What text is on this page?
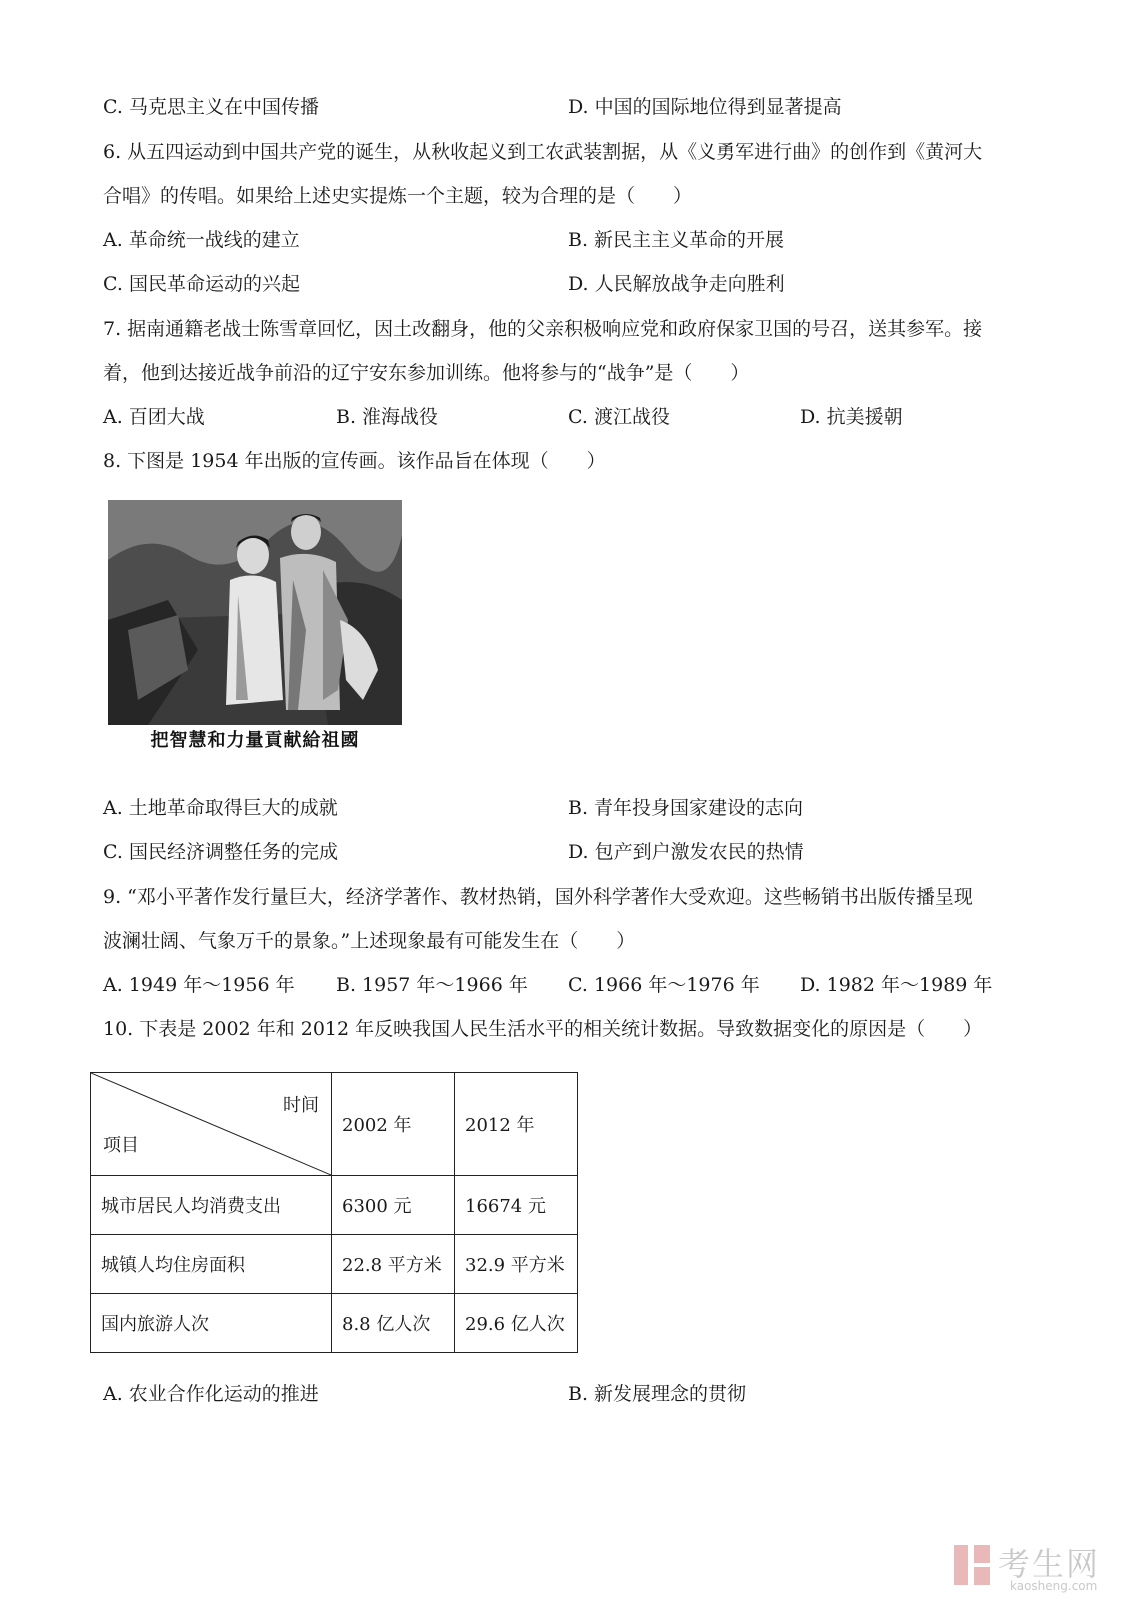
C. 马克思主义在中国传播	D. 中国的国际地位得到显著提高
6. 从五四运动到中国共产党的诞生，从秋收起义到工农武装割据，从《义勇军进行曲》的创作到《黄河大
合唱》的传唱。如果给上述史实提炼一个主题，较为合理的是（　　）
A. 革命统一战线的建立	B. 新民主主义革命的开展
C. 国民革命运动的兴起	D. 人民解放战争走向胜利
7. 据南通籍老战士陈雪章回忆，因土改翻身，他的父亲积极响应党和政府保家卫国的号召，送其参军。接
着，他到达接近战争前沿的辽宁安东参加训练。他将参与的“战争”是（　　）
A. 百团大战	B. 淮海战役	C. 渡江战役	D. 抗美援朝
8. 下图是 1954 年出版的宣传画。该作品旨在体现（　　）
把智慧和力量貢献給祖國
A. 土地革命取得巨大的成就	B. 青年投身国家建设的志向
C. 国民经济调整任务的完成	D. 包产到户激发农民的热情
9. “邓小平著作发行量巨大，经济学著作、教材热销，国外科学著作大受欢迎。这些畅销书出版传播呈现
波澜壮阔、气象万千的景象。”上述现象最有可能发生在（　　）
A. 1949 年～1956 年 B. 1957 年～1966 年 C. 1966 年～1976 年 D. 1982 年～1989 年
10. 下表是 2002 年和 2012 年反映我国人民生活水平的相关统计数据。导致数据变化的原因是（　　）
时间
项目	2002 年	2012 年
城市居民人均消费支出	6300 元	16674 元
城镇人均住房面积	22.8 平方米	32.9 平方米
国内旅游人次	8.8 亿人次	29.6 亿人次
A. 农业合作化运动的推进	B. 新发展理念的贯彻
考生网
kaosheng.com
